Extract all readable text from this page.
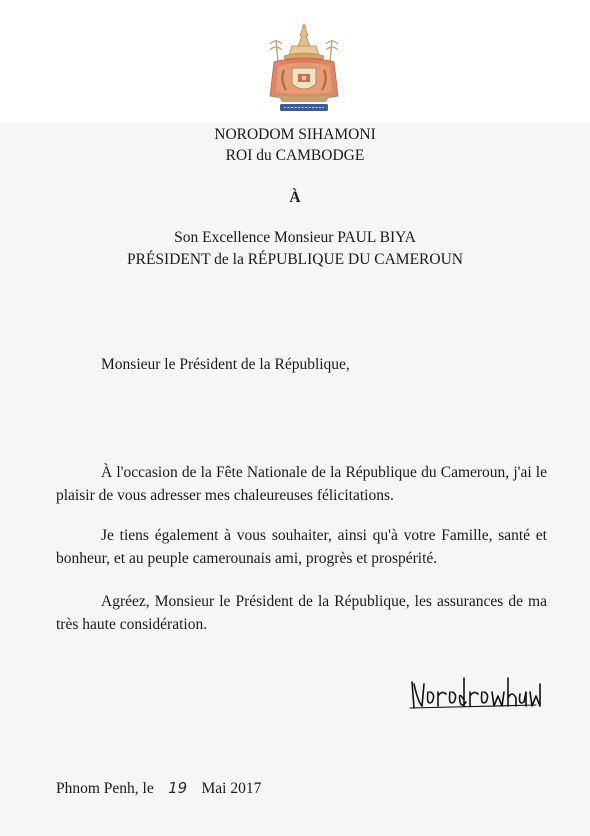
NORODOM SIHAMONI
ROI du CAMBODGE
À
Son Excellence Monsieur PAUL BIYA
PRÉSIDENT de la RÉPUBLIQUE DU CAMEROUN
Monsieur le Président de la République,
À l'occasion de la Fête Nationale de la République du Cameroun, j'ai le plaisir de vous adresser mes chaleureuses félicitations.
Je tiens également à vous souhaiter, ainsi qu'à votre Famille, santé et bonheur, et au peuple camerounais ami, progrès et prospérité.
Agréez, Monsieur le Président de la République, les assurances de ma très haute considération.
Phnom Penh, le 19 Mai 2017
